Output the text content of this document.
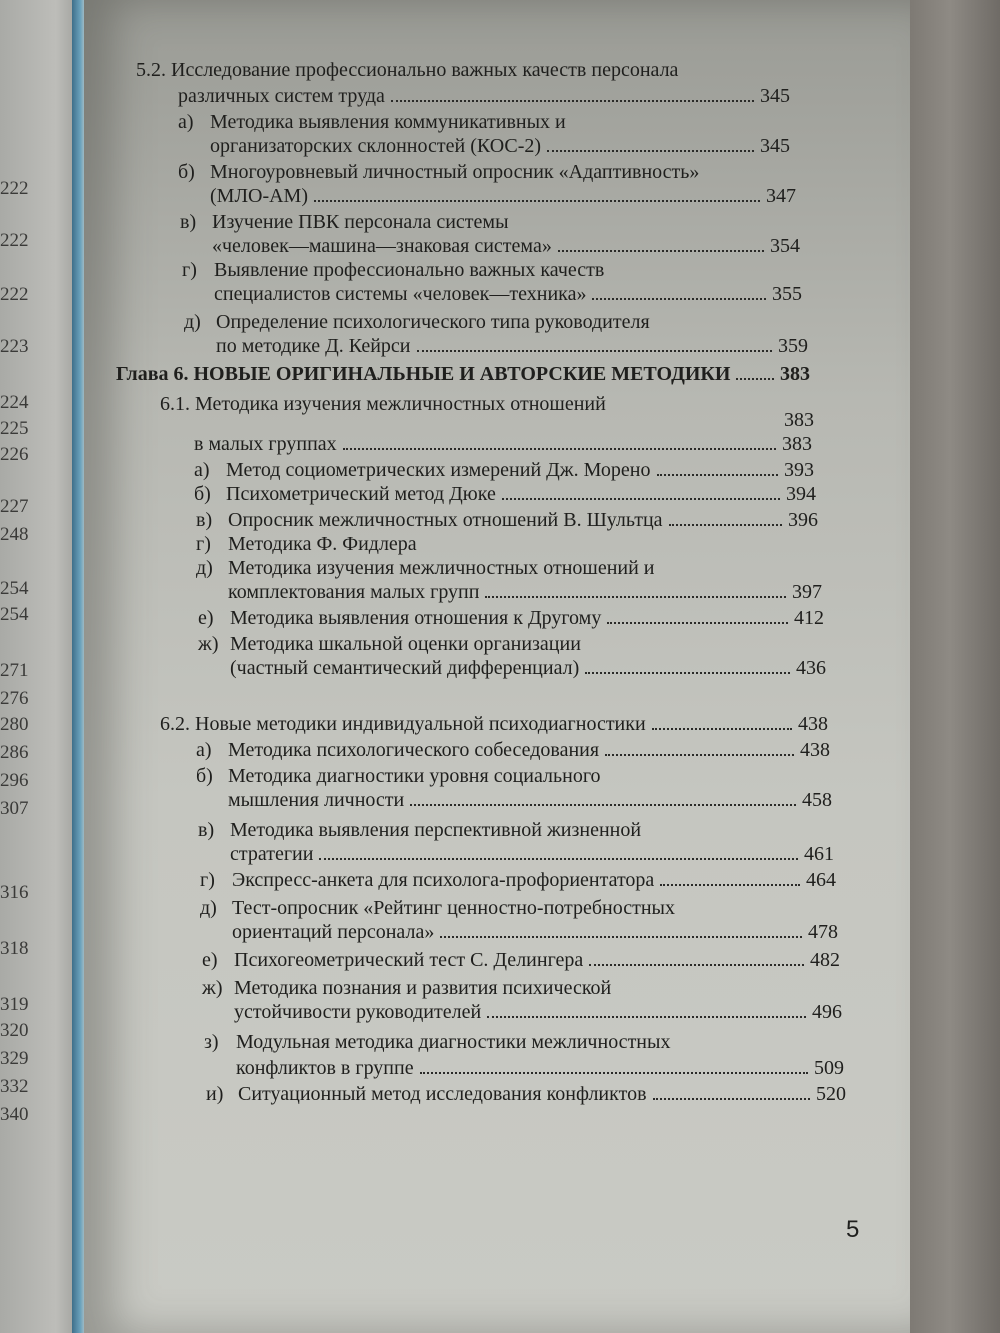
222
222
222
223
224
225
226
227
248
254
254
271
276
280
286
296
307
316
318
319
320
329
332
340
5.2. Исследование профессионально важных качеств персонала
различных систем труда	345
а) Методика выявления коммуникативных и
организаторских склонностей (КОС-2)	345
б) Многоуровневый личностный опросник «Адаптивность»
(МЛО-АМ)	347
в) Изучение ПВК персонала системы
«человек—машина—знаковая система»	354
г) Выявление профессионально важных качеств
специалистов системы «человек—техника»	355
д) Определение психологического типа руководителя
по методике Д. Кейрси	359
Глава 6.
НОВЫЕ ОРИГИНАЛЬНЫЕ И АВТОРСКИЕ МЕТОДИКИ 383
6.1. Методика изучения межличностных отношений
383
в малых группах	383
а) Метод социометрических измерений Дж. Морено	393
б) Психометрический метод Дюке	394
в) Опросник межличностных отношений В. Шультца	396
г) Методика Ф. Фидлера
д) Методика изучения межличностных отношений и
комплектования малых групп	397
е) Методика выявления отношения к Другому	412
ж) Методика шкальной оценки организации
(частный семантический дифференциал)	436
6.2.
Новые методики индивидуальной психодиагностики	438
а) Методика психологического собеседования	438
б) Методика диагностики уровня социального
мышления личности	458
в) Методика выявления перспективной жизненной
стратегии	461
г) Экспресс-анкета для психолога-профориентатора	464
д) Тест-опросник «Рейтинг ценностно-потребностных
ориентаций персонала»	478
е) Психогеометрический тест С. Делингера	482
ж) Методика познания и развития психической
устойчивости руководителей	496
з) Модульная методика диагностики межличностных
конфликтов в группе	509
и) Ситуационный метод исследования конфликтов	520
5
